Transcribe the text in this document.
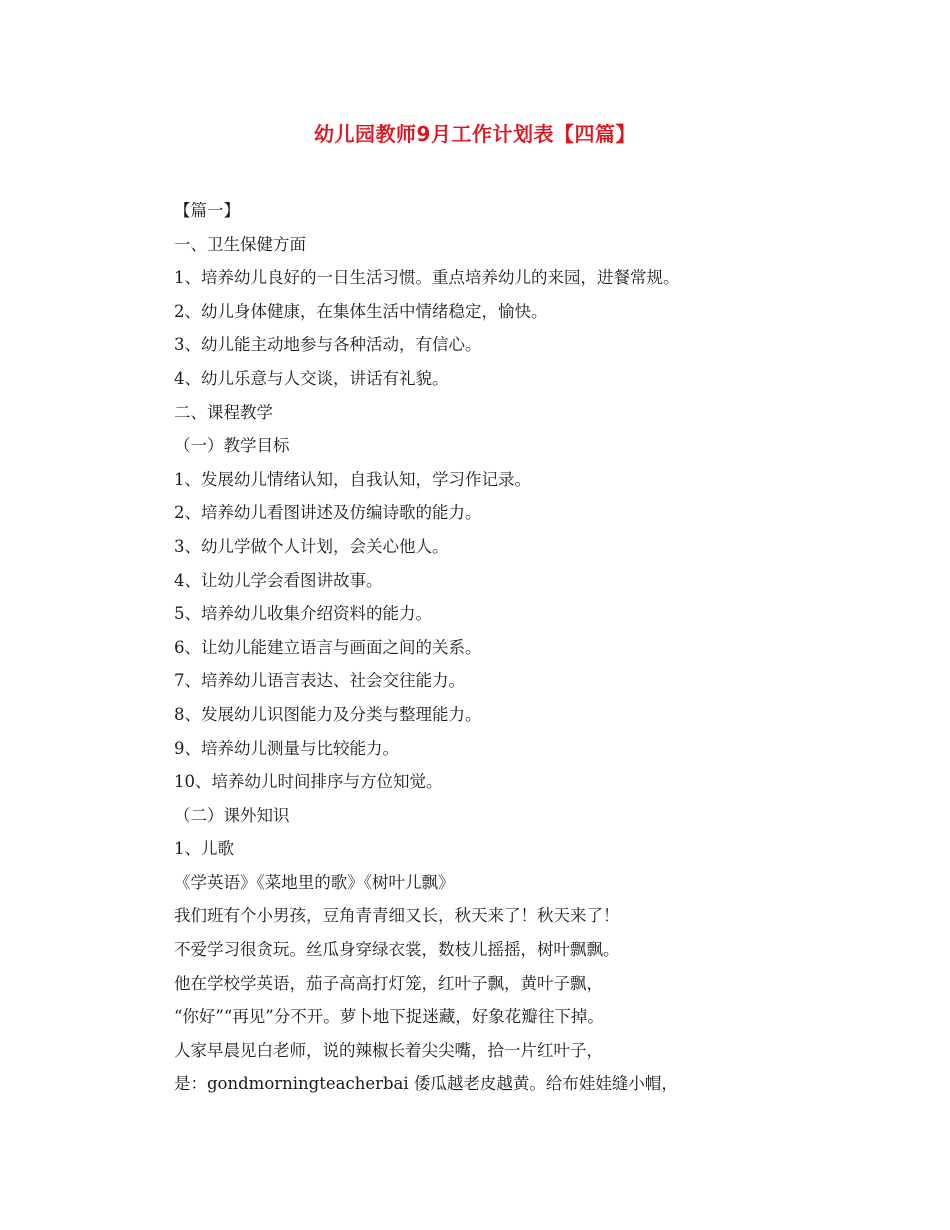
幼儿园教师9月工作计划表【四篇】
【篇一】
一、卫生保健方面
1、培养幼儿良好的一日生活习惯。重点培养幼儿的来园，进餐常规。
2、幼儿身体健康，在集体生活中情绪稳定，愉快。
3、幼儿能主动地参与各种活动，有信心。
4、幼儿乐意与人交谈，讲话有礼貌。
二、课程教学
（一）教学目标
1、发展幼儿情绪认知，自我认知，学习作记录。
2、培养幼儿看图讲述及仿编诗歌的能力。
3、幼儿学做个人计划，会关心他人。
4、让幼儿学会看图讲故事。
5、培养幼儿收集介绍资料的能力。
6、让幼儿能建立语言与画面之间的关系。
7、培养幼儿语言表达、社会交往能力。
8、发展幼儿识图能力及分类与整理能力。
9、培养幼儿测量与比较能力。
10、培养幼儿时间排序与方位知觉。
（二）课外知识
1、儿歌
《学英语》《菜地里的歌》《树叶儿飘》
我们班有个小男孩，豆角青青细又长，秋天来了！秋天来了！
不爱学习很贪玩。丝瓜身穿绿衣裳，数枝儿摇摇，树叶飘飘。
他在学校学英语，茄子高高打灯笼，红叶子飘，黄叶子飘，
“你好”“再见”分不开。萝卜地下捉迷藏，好象花瓣往下掉。
人家早晨见白老师，说的辣椒长着尖尖嘴，拾一片红叶子，
是：gondmorningteacherbai 倭瓜越老皮越黄。给布娃娃缝小帽，
